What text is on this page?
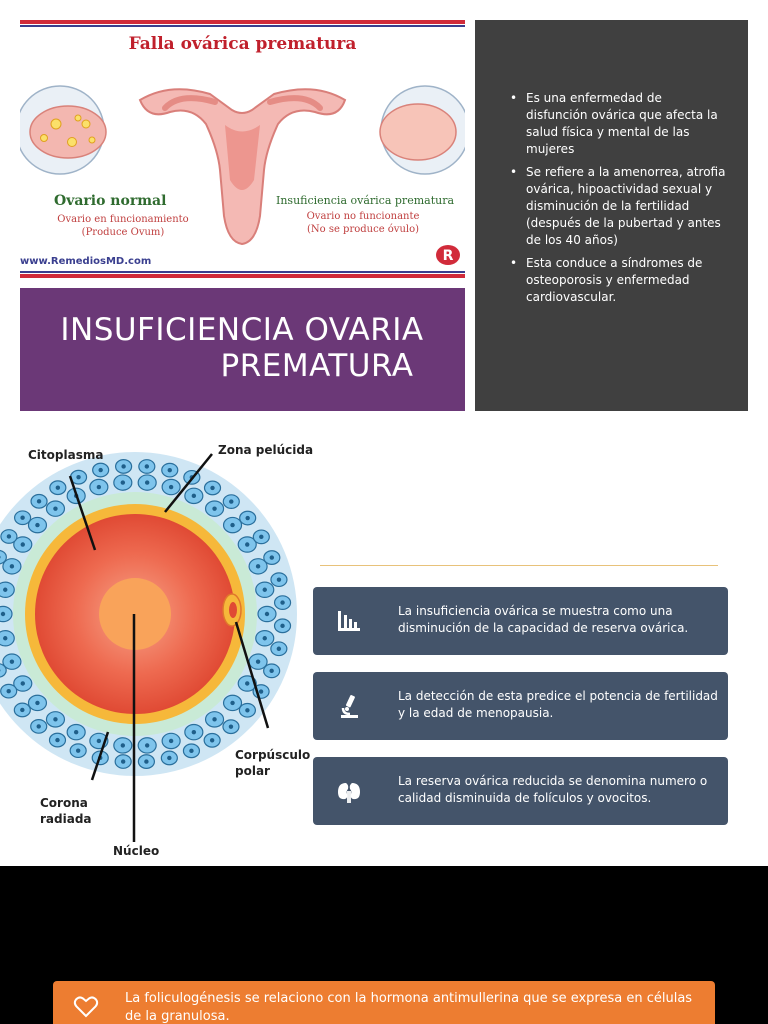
Falla ovárica prematura
Ovario normal
Ovario en funcionamiento
(Produce Ovum)
Insuficiencia ovárica prematura
Ovario no funcionante
(No se produce óvulo)
www.RemediosMD.com	R
INSUFICIENCIA OVARIA
PREMATURA
• Es una enfermedad de disfunción ovárica que afecta la salud física y mental de las mujeres
• Se refiere a la amenorrea, atrofia ovárica, hipoactividad sexual y disminución de la fertilidad (después de la pubertad y antes de los 40 años)
• Esta conduce a síndromes de osteoporosis y enfermedad cardiovascular.
Citoplasma	Zona pelúcida
Corpúsculo
polar
Corona
radiada
Núcleo
La insuficiencia ovárica se muestra como una disminución de la capacidad de reserva ovárica.
La detección de esta predice el potencia de fertilidad y la edad de menopausia.
La reserva ovárica reducida se denomina numero o calidad disminuida de folículos y ovocitos.
La foliculogénesis se relaciono con la hormona antimullerina que se expresa en células de la granulosa.
